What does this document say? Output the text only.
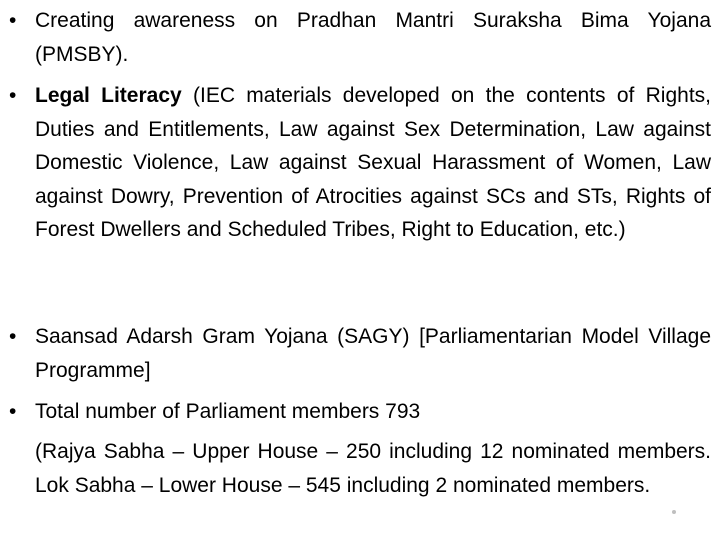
• Creating awareness on Pradhan Mantri Suraksha Bima Yojana (PMSBY).
• Legal Literacy (IEC materials developed on the contents of Rights, Duties and Entitlements, Law against Sex Determination, Law against Domestic Violence, Law against Sexual Harassment of Women, Law against Dowry, Prevention of Atrocities against SCs and STs, Rights of Forest Dwellers and Scheduled Tribes, Right to Education, etc.)
• Saansad Adarsh Gram Yojana (SAGY) [Parliamentarian Model Village Programme]
• Total number of Parliament members 793
(Rajya Sabha – Upper House – 250 including 12 nominated members. Lok Sabha – Lower House – 545 including 2 nominated members.
